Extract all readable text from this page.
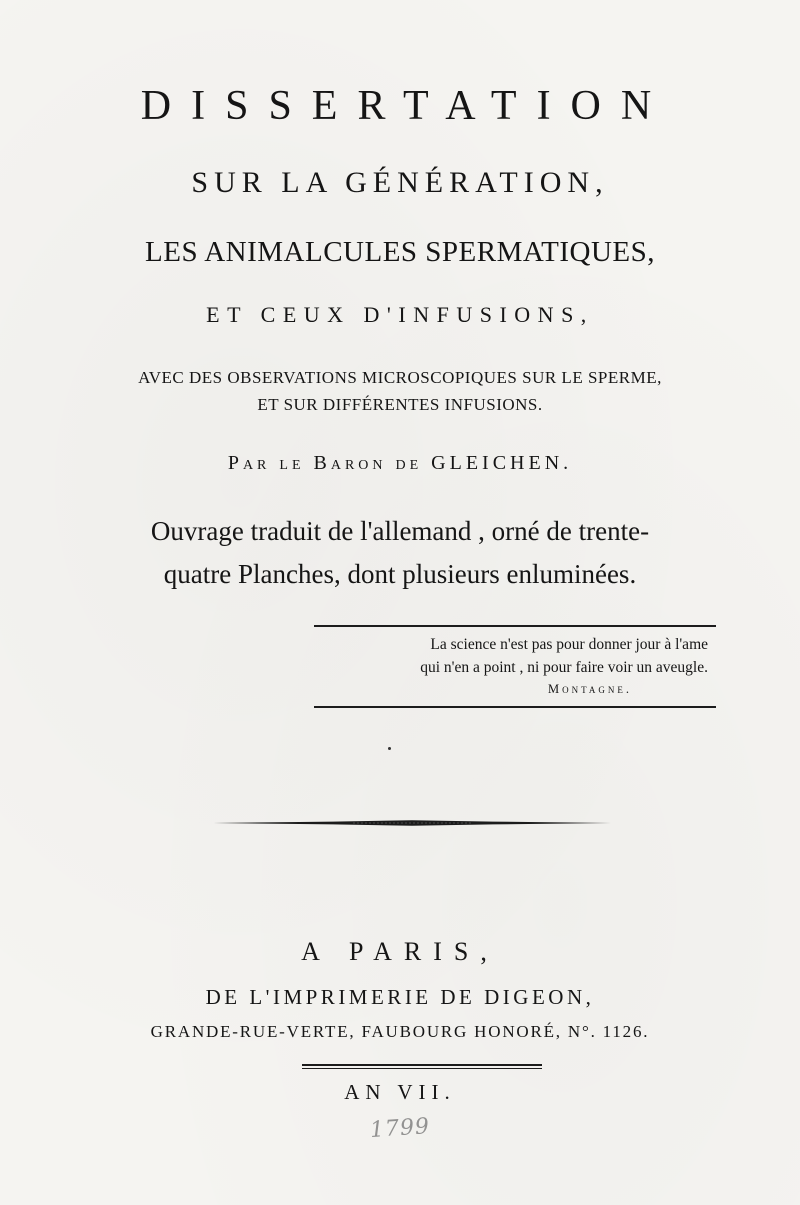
DISSERTATION
SUR LA GÉNÉRATION,
LES ANIMALCULES SPERMATIQUES,
ET CEUX D'INFUSIONS,
AVEC DES OBSERVATIONS MICROSCOPIQUES SUR LE SPERME,
ET SUR DIFFÉRENTES INFUSIONS.
Par le Baron de GLEICHEN.
Ouvrage traduit de l'allemand , orné de trente-
quatre Planches, dont plusieurs enluminées.
La science n'est pas pour donner jour à l'ame
qui n'en a point , ni pour faire voir un aveugle.
Montagne.
A PARIS,
DE L'IMPRIMERIE DE DIGEON,
GRANDE-RUE-VERTE, FAUBOURG HONORÉ, N°. 1126.
AN VII.
1799
